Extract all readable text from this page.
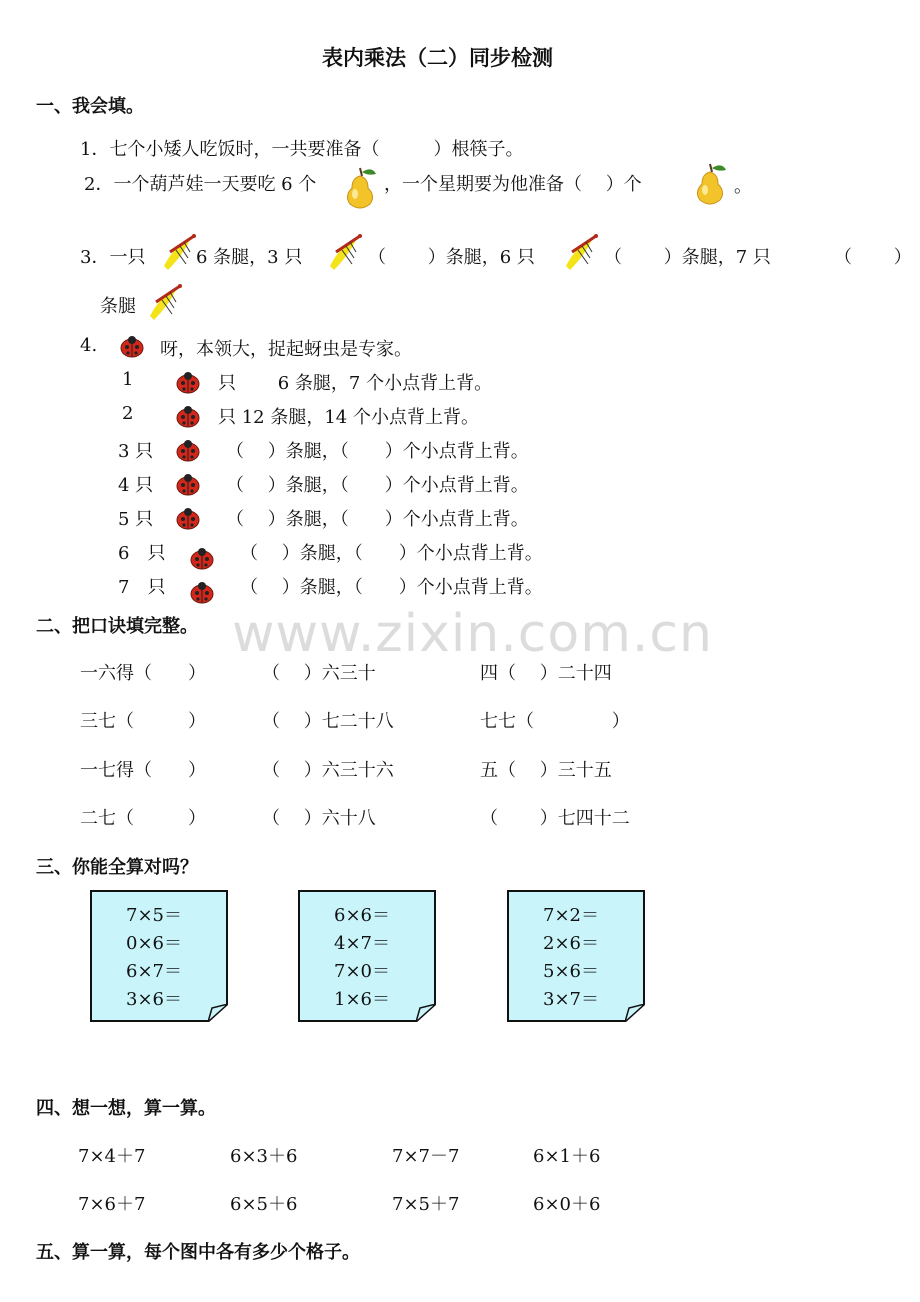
www.zixin.com.cn
表内乘法（二）同步检测
一、我会填。
1．七个小矮人吃饭时，一共要准备（　　　）根筷子。
2．一个葫芦娃一天要吃 6 个	，一个星期要为他准备（　 ）个	。
3．一只	6 条腿，3 只	（　　 ）条腿，6 只	（　　 ）条腿，7 只	（　　 ）
条腿
4.	呀，本领大，捉起蚜虫是专家。
1	只　　 6 条腿，7 个小点背上背。
2	只 12 条腿，14 个小点背上背。
3 只	（　 ）条腿，（　　）个小点背上背。
4 只	（　 ）条腿，（　　）个小点背上背。
5 只	（　 ）条腿，（　　）个小点背上背。
6　只	（　 ）条腿，（　　）个小点背上背。
7　只	（　 ）条腿，（　　）个小点背上背。
二、把口诀填完整。
一六得（　　）	（　 ）六三十	四（　 ）二十四
三七（　　　）	（　 ）七二十八	七七（　　　　 ）
一七得（　　）	（　 ）六三十六	五（　 ）三十五
二七（　　　）	（　 ）六十八	（　　 ）七四十二
三、你能全算对吗？
7×5＝
0×6＝
6×7＝
3×6＝
6×6＝
4×7＝
7×0＝
1×6＝
7×2＝
2×6＝
5×6＝
3×7＝
四、想一想，算一算。
7×4＋7	6×3＋6	7×7－7	6×1＋6
7×6＋7	6×5＋6	7×5＋7	6×0＋6
五、算一算，每个图中各有多少个格子。
